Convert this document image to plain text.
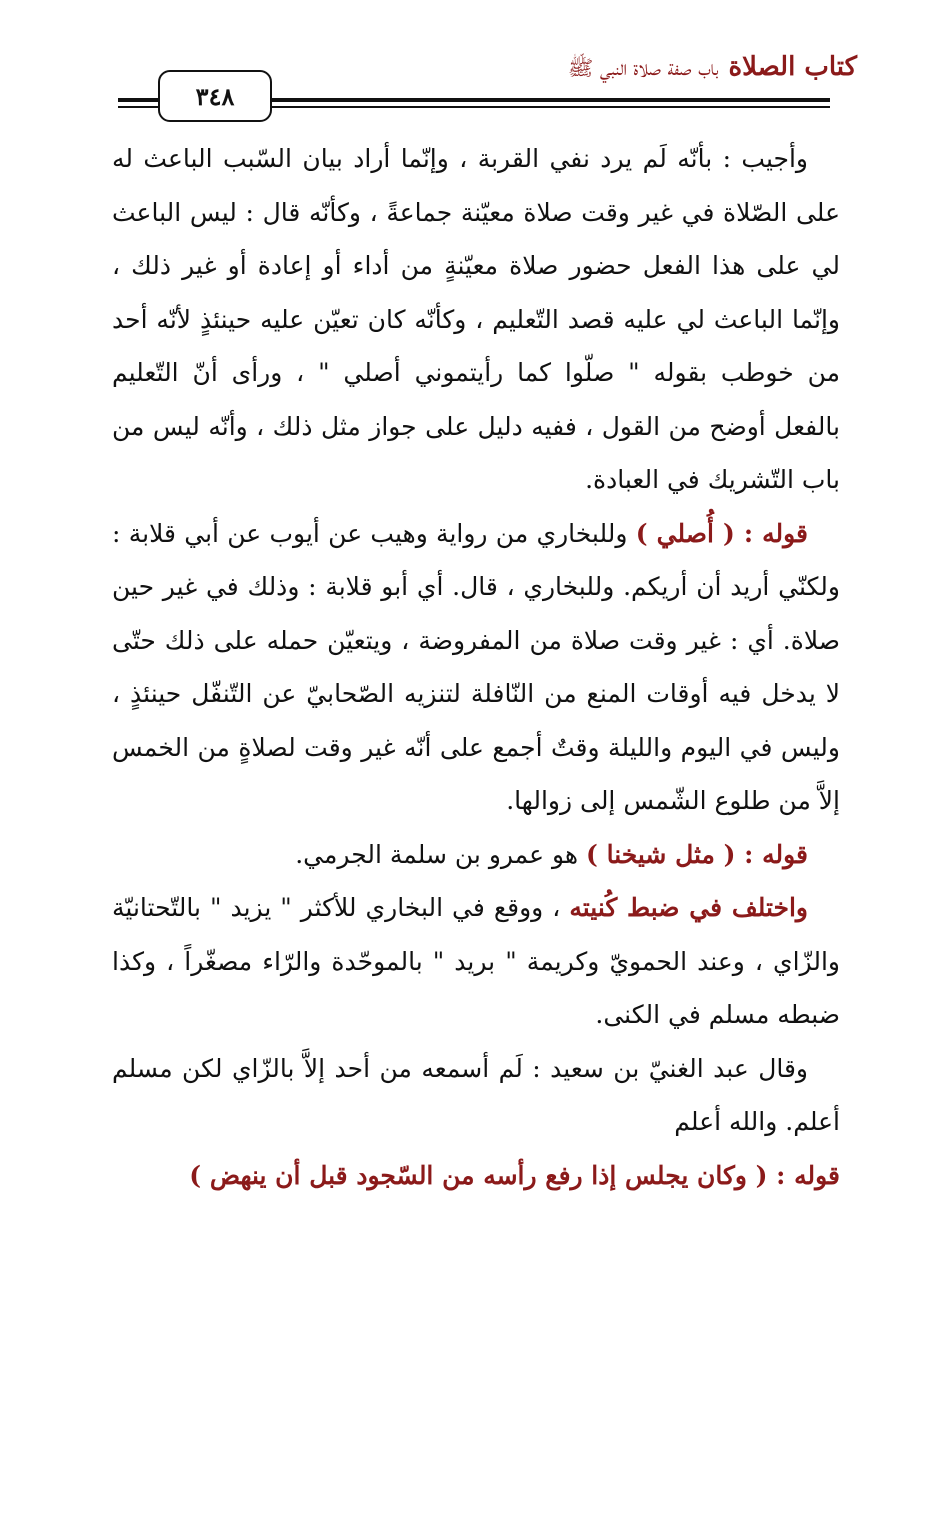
كتاب الصلاة
باب صفة صلاة النبي ﷺ
٣٤٨

وأجيب : بأنّه لَم يرد نفي القربة ، وإنّما أراد بيان السّبب الباعث له على الصّلاة في غير وقت صلاة معيّنة جماعةً ، وكأنّه قال : ليس الباعث لي على هذا الفعل حضور صلاة معيّنةٍ من أداء أو إعادة أو غير ذلك ، وإنّما الباعث لي عليه قصد التّعليم ، وكأنّه كان تعيّن عليه حينئذٍ لأنّه أحد من خوطب بقوله " صلّوا كما رأيتموني أصلي " ، ورأى أنّ التّعليم بالفعل أوضح من القول ، ففيه دليل على جواز مثل ذلك ، وأنّه ليس من باب التّشريك في العبادة.

قوله : ( أُصلي ) وللبخاري من رواية وهيب عن أيوب عن أبي قلابة : ولكنّي أريد أن أريكم. وللبخاري ، قال. أي أبو قلابة : وذلك في غير حين صلاة. أي : غير وقت صلاة من المفروضة ، ويتعيّن حمله على ذلك حتّى لا يدخل فيه أوقات المنع من النّافلة لتنزيه الصّحابيّ عن التّنفّل حينئذٍ ، وليس في اليوم والليلة وقتٌ أجمع على أنّه غير وقت لصلاةٍ من الخمس إلاَّ من طلوع الشّمس إلى زوالها.

قوله : ( مثل شيخنا ) هو عمرو بن سلمة الجرمي.

واختلف في ضبط كُنيته ، ووقع في البخاري للأكثر " يزيد " بالتّحتانيّة والزّاي ، وعند الحمويّ وكريمة " بريد " بالموحّدة والرّاء مصغّراً ، وكذا ضبطه مسلم في الكنى.

وقال عبد الغنيّ بن سعيد : لَم أسمعه من أحد إلاَّ بالزّاي لكن مسلم أعلم. والله أعلم

قوله : ( وكان يجلس إذا رفع رأسه من السّجود قبل أن ينهض )
